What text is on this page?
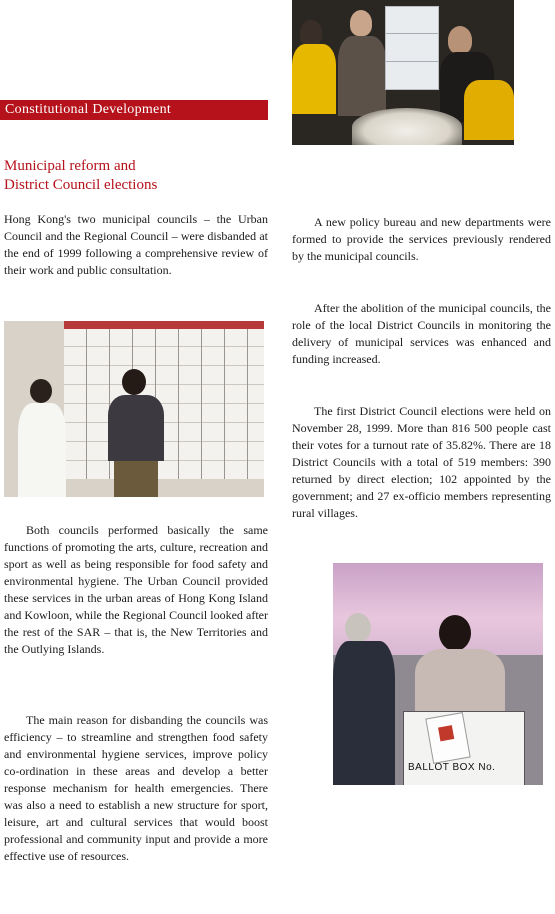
Constitutional Development
Municipal reform and
District Council elections

Hong Kong's two municipal councils – the Urban Council and the Regional Council – were disbanded at the end of 1999 following a comprehensive review of their work and public consultation.

Both councils performed basically the same functions of promoting the arts, culture, recreation and sport as well as being responsible for food safety and environmental hygiene. The Urban Council provided these services in the urban areas of Hong Kong Island and Kowloon, while the Regional Council looked after the rest of the SAR – that is, the New Territories and the Outlying Islands.

The main reason for disbanding the councils was efficiency – to streamline and strengthen food safety and environmental hygiene services, improve policy co-ordination in these areas and develop a better response mechanism for health emergencies. There was also a need to establish a new structure for sport, leisure, art and cultural services that would boost professional and community input and provide a more effective use of resources.

A new policy bureau and new departments were formed to provide the services previously rendered by the municipal councils.

After the abolition of the municipal councils, the role of the local District Councils in monitoring the delivery of municipal services was enhanced and funding increased.

The first District Council elections were held on November 28, 1999. More than 816 500 people cast their votes for a turnout rate of 35.82%. There are 18 District Councils with a total of 519 members: 390 returned by direct election; 102 appointed by the government; and 27 ex-officio members representing rural villages.

BALLOT BOX No.
